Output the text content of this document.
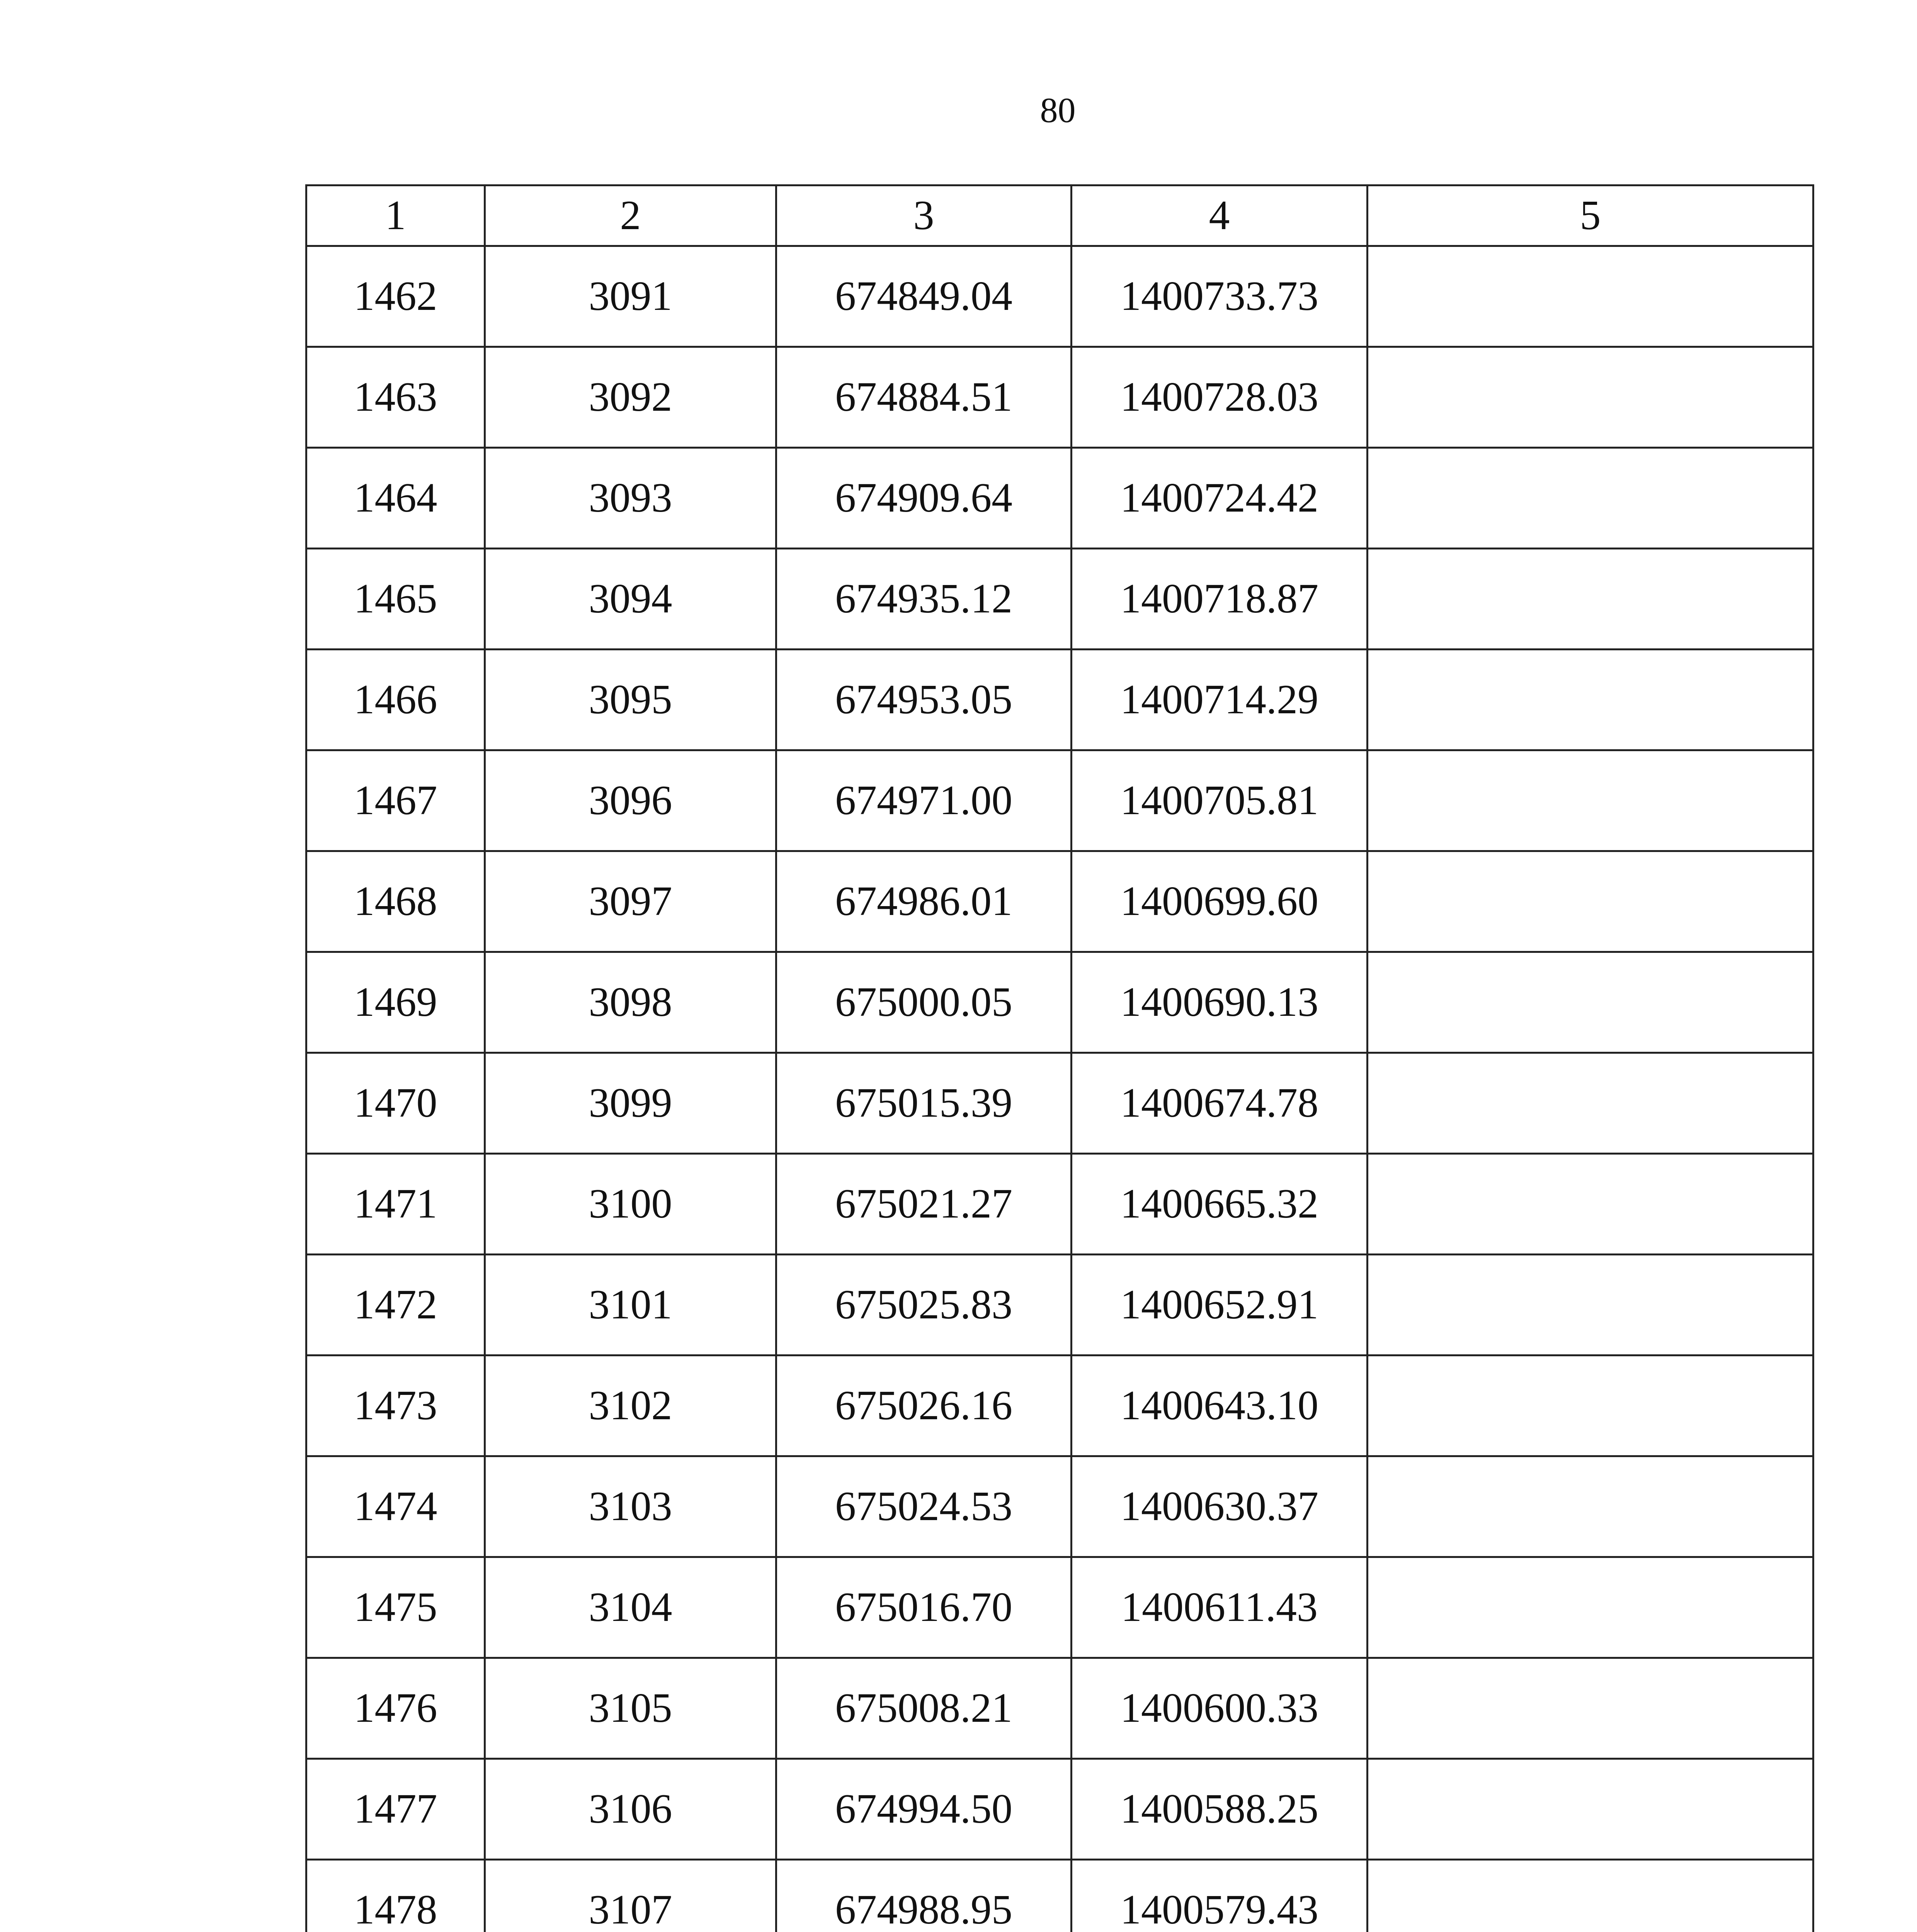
80
1	2	3	4	5
1462	3091	674849.04	1400733.73	
1463	3092	674884.51	1400728.03	
1464	3093	674909.64	1400724.42	
1465	3094	674935.12	1400718.87	
1466	3095	674953.05	1400714.29	
1467	3096	674971.00	1400705.81	
1468	3097	674986.01	1400699.60	
1469	3098	675000.05	1400690.13	
1470	3099	675015.39	1400674.78	
1471	3100	675021.27	1400665.32	
1472	3101	675025.83	1400652.91	
1473	3102	675026.16	1400643.10	
1474	3103	675024.53	1400630.37	
1475	3104	675016.70	1400611.43	
1476	3105	675008.21	1400600.33	
1477	3106	674994.50	1400588.25	
1478	3107	674988.95	1400579.43	
